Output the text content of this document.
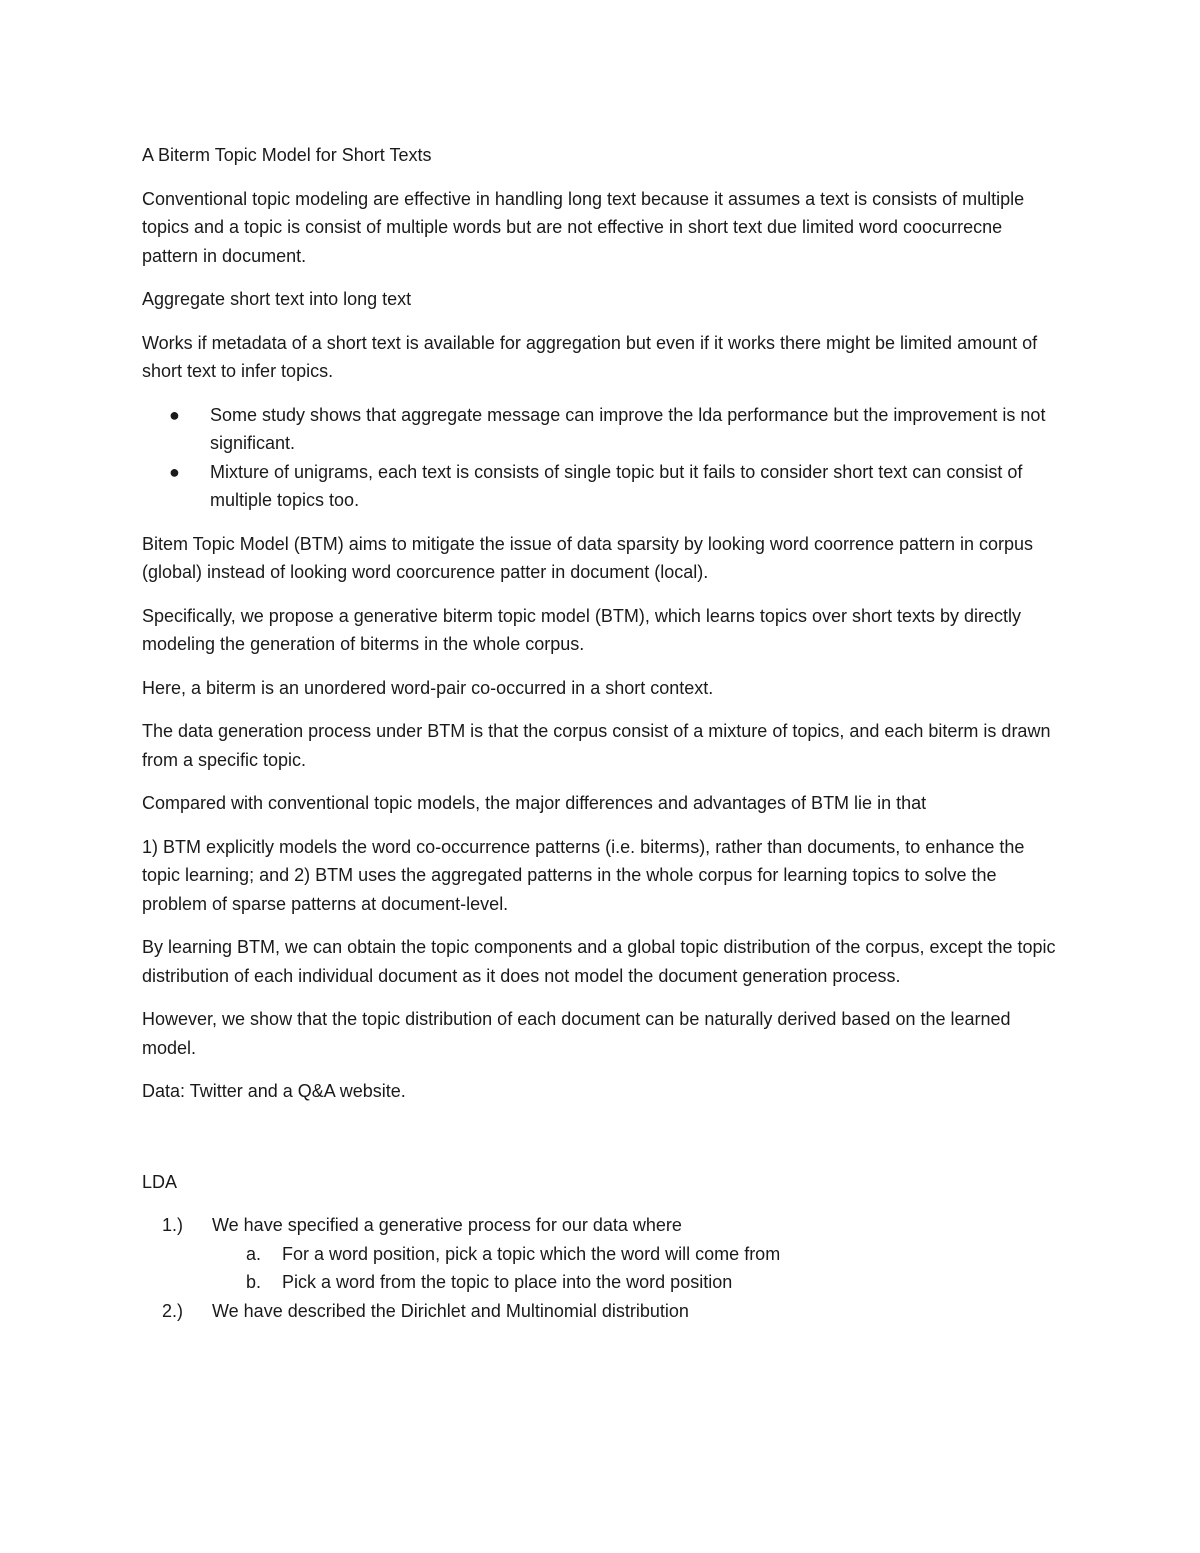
A Biterm Topic Model for Short Texts

Conventional topic modeling are effective in handling long text because it assumes a text is consists of multiple topics and a topic is consist of multiple words but are not effective in short text due limited word coocurrecne pattern in document.

Aggregate short text into long text

Works if metadata of a short text is available for aggregation but even if it works there might be limited amount of short text to infer topics.

● Some study shows that aggregate message can improve the lda performance but the improvement is not significant.
● Mixture of unigrams, each text is consists of single topic but it fails to consider short text can consist of multiple topics too.

Bitem Topic Model (BTM) aims to mitigate the issue of data sparsity by looking word coorrence pattern in corpus (global) instead of looking word coorcurence patter in document (local).

Specifically, we propose a generative biterm topic model (BTM), which learns topics over short texts by directly modeling the generation of biterms in the whole corpus.

Here, a biterm is an unordered word-pair co-occurred in a short context.

The data generation process under BTM is that the corpus consist of a mixture of topics, and each biterm is drawn from a specific topic.

Compared with conventional topic models, the major differences and advantages of BTM lie in that

1) BTM explicitly models the word co-occurrence patterns (i.e. biterms), rather than documents, to enhance the topic learning; and 2) BTM uses the aggregated patterns in the whole corpus for learning topics to solve the problem of sparse patterns at document-level.

By learning BTM, we can obtain the topic components and a global topic distribution of the corpus, except the topic distribution of each individual document as it does not model the document generation process.

However, we show that the topic distribution of each document can be naturally derived based on the learned model.

Data: Twitter and a Q&A website.

LDA

1.) We have specified a generative process for our data where
a. For a word position, pick a topic which the word will come from
b. Pick a word from the topic to place into the word position
2.) We have described the Dirichlet and Multinomial distribution
